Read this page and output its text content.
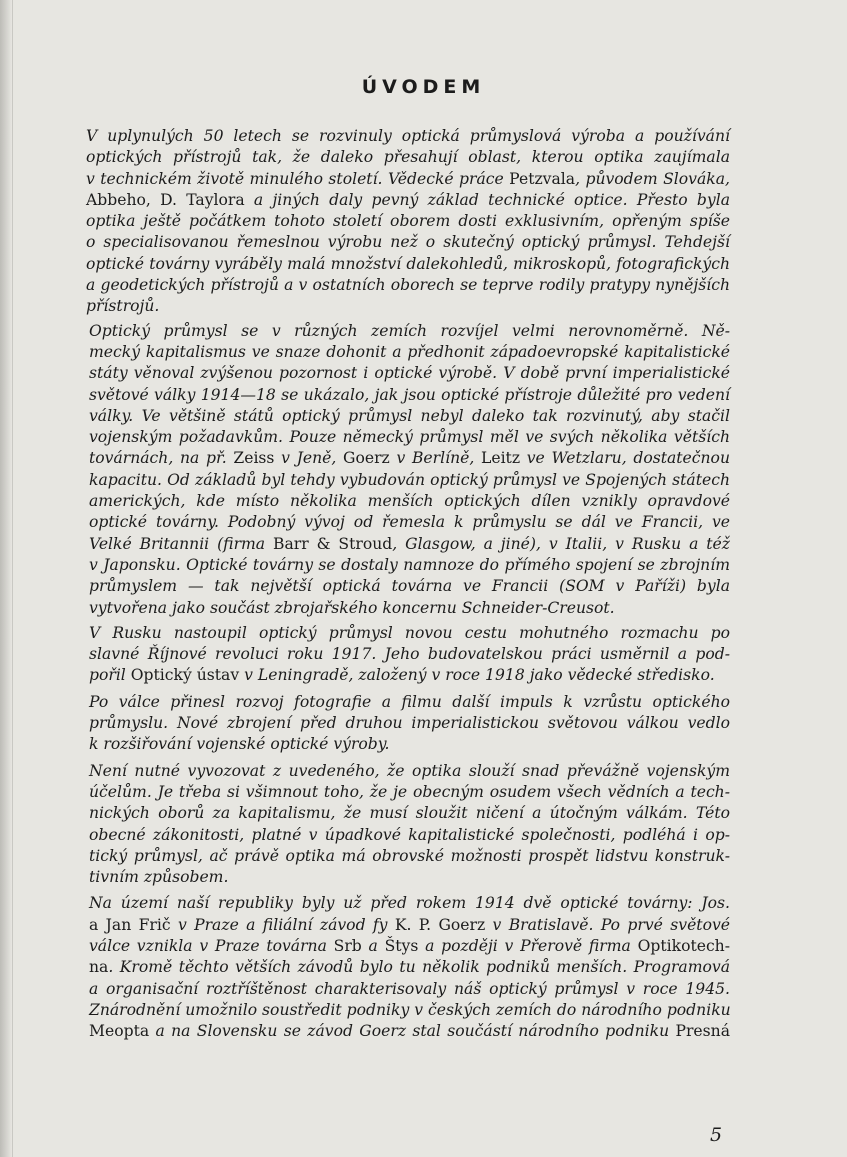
ÚVODEM

V uplynulých 50 letech se rozvinuly optická průmyslová výroba a používání
optických přístrojů tak, že daleko přesahují oblast, kterou optika zaujímala
v technickém životě minulého století. Vědecké práce Petzvala, původem Slováka,
Abbeho, D. Taylora a jiných daly pevný základ technické optice. Přesto byla
optika ještě počátkem tohoto století oborem dosti exklusivním, opřeným spíše
o specialisovanou řemeslnou výrobu než o skutečný optický průmysl. Tehdejší
optické továrny vyráběly malá množství dalekohledů, mikroskopů, fotografických
a geodetických přístrojů a v ostatních oborech se teprve rodily pratypy nynějších
přístrojů.

Optický průmysl se v různých zemích rozvíjel velmi nerovnoměrně. Ně-
mecký kapitalismus ve snaze dohonit a předhonit západoevropské kapitalistické
státy věnoval zvýšenou pozornost i optické výrobě. V době první imperialistické
světové války 1914—18 se ukázalo, jak jsou optické přístroje důležité pro vedení
války. Ve většině států optický průmysl nebyl daleko tak rozvinutý, aby stačil
vojenským požadavkům. Pouze německý průmysl měl ve svých několika větších
továrnách, na př. Zeiss v Jeně, Goerz v Berlíně, Leitz ve Wetzlaru, dostatečnou
kapacitu. Od základů byl tehdy vybudován optický průmysl ve Spojených státech
amerických, kde místo několika menších optických dílen vznikly opravdové
optické továrny. Podobný vývoj od řemesla k průmyslu se dál ve Francii, ve
Velké Britannii (firma Barr & Stroud, Glasgow, a jiné), v Italii, v Rusku a též
v Japonsku. Optické továrny se dostaly namnoze do přímého spojení se zbrojním
průmyslem — tak největší optická továrna ve Francii (SOM v Paříži) byla
vytvořena jako součást zbrojařského koncernu Schneider-Creusot.

V Rusku nastoupil optický průmysl novou cestu mohutného rozmachu po
slavné Říjnové revoluci roku 1917. Jeho budovatelskou práci usměrnil a pod-
pořil Optický ústav v Leningradě, založený v roce 1918 jako vědecké středisko.

Po válce přinesl rozvoj fotografie a filmu další impuls k vzrůstu optického
průmyslu. Nové zbrojení před druhou imperialistickou světovou válkou vedlo
k rozšiřování vojenské optické výroby.

Není nutné vyvozovat z uvedeného, že optika slouží snad převážně vojenským
účelům. Je třeba si všimnout toho, že je obecným osudem všech vědních a tech-
nických oborů za kapitalismu, že musí sloužit ničení a útočným válkám. Této
obecné zákonitosti, platné v úpadkové kapitalistické společnosti, podléhá i op-
tický průmysl, ač právě optika má obrovské možnosti prospět lidstvu konstruk-
tivním způsobem.

Na území naší republiky byly už před rokem 1914 dvě optické továrny: Jos.
a Jan Frič v Praze a filiální závod fy K. P. Goerz v Bratislavě. Po prvé světové
válce vznikla v Praze továrna Srb a Štys a později v Přerově firma Optikotech-
na. Kromě těchto větších závodů bylo tu několik podniků menších. Programová
a organisační roztříštěnost charakterisovaly náš optický průmysl v roce 1945.
Znárodnění umožnilo soustředit podniky v českých zemích do národního podniku
Meopta a na Slovensku se závod Goerz stal součástí národního podniku Presná

5
